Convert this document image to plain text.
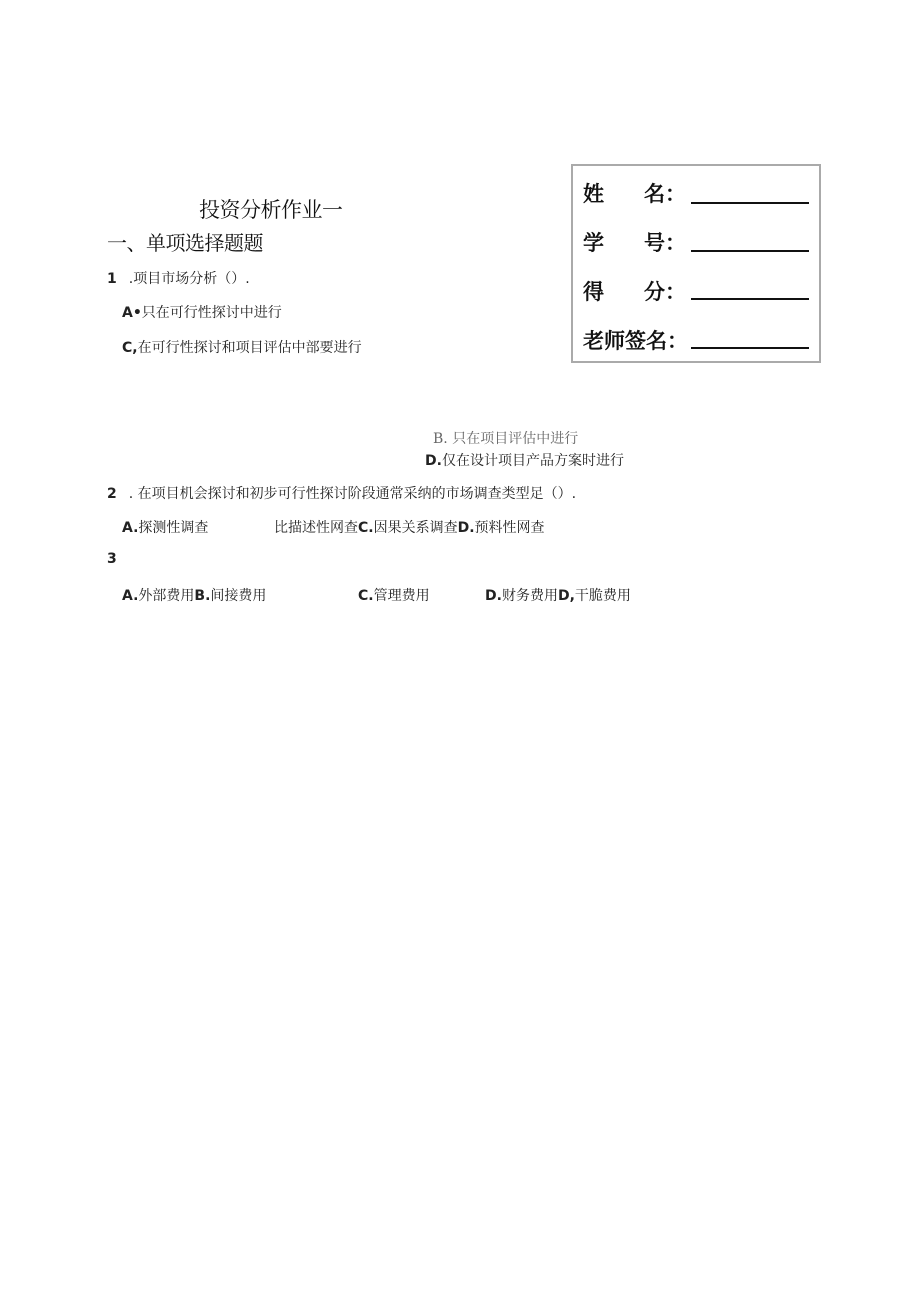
投资分析作业一
一、单项选择题题
姓 名：
学 号：
得 分：
老师签名：
1 .项目市场分析（）.
A•只在可行性探讨中进行
C,在可行性探讨和项目评估中部要进行
B. 只在项目评估中进行
D.仅在设计项目产品方案时进行
2 . 在项目机会探讨和初步可行性探讨阶段通常采纳的市场调查类型足（）.
A.探测性调查	比描述性网查C.因果关系调查D.预料性网查
3
A.外部费用B.间接费用	C.管理费用	D.财务费用D,干脆费用
